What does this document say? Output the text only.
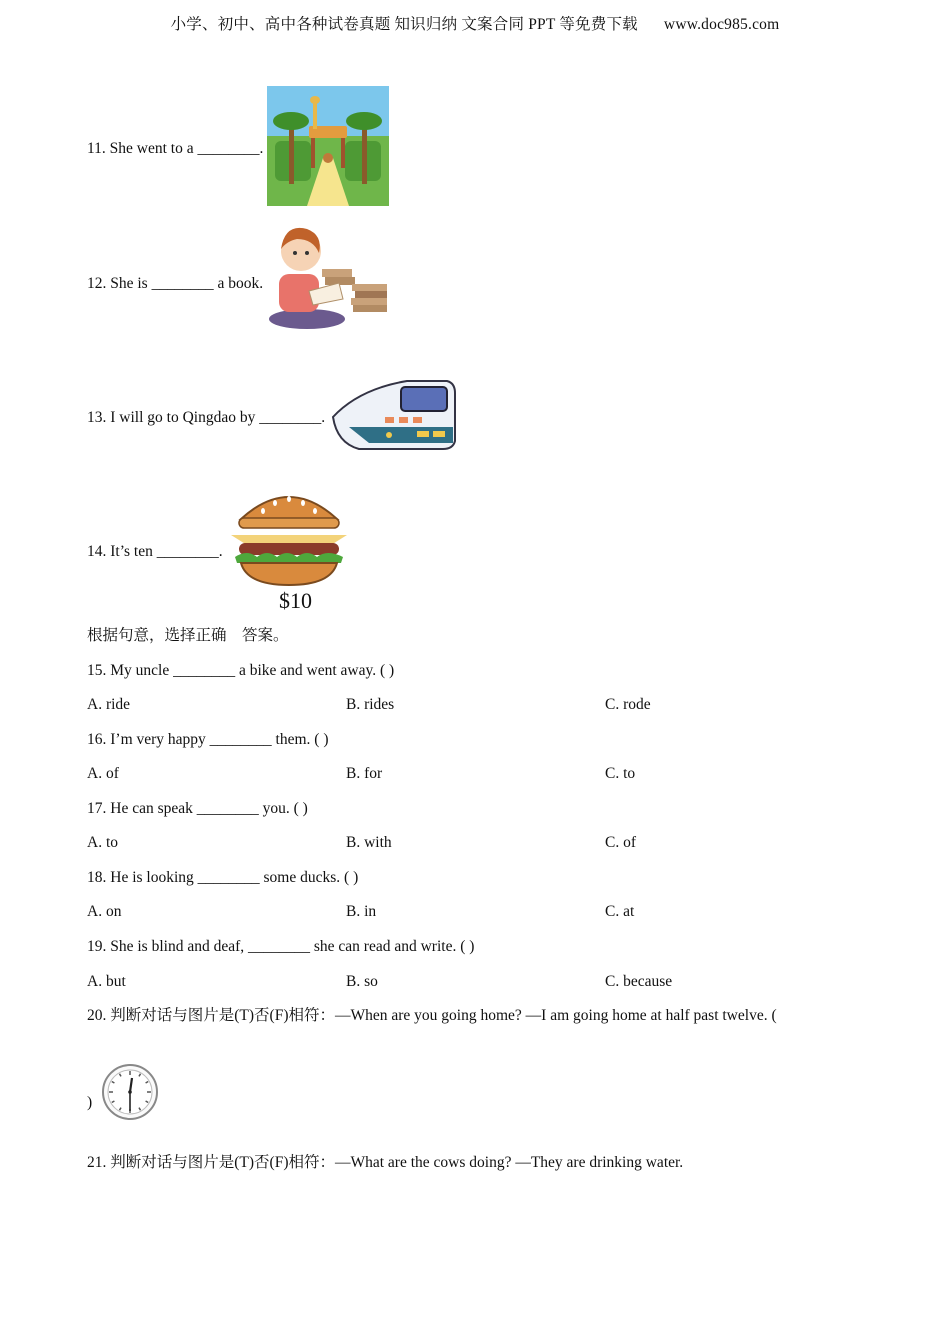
小学、初中、高中各种试卷真题 知识归纳 文案合同 PPT 等免费下载 www.doc985.com
11. She went to a ________.
12. She is ________ a book.
13. I will go to Qingdao by ________.
14. It’s ten ________.
$10
根据句意，选择正确　答案。
15. My uncle ________ a bike and went away. ( )
A. ride	B. rides	C. rode
16. I’m very happy ________ them. ( )
A. of	B. for	C. to
17. He can speak ________ you. ( )
A. to	B. with	C. of
18. He is looking ________ some ducks. ( )
A. on	B. in	C. at
19. She is blind and deaf, ________ she can read and write. ( )
A. but	B. so	C. because
20. 判断对话与图片是(T)否(F)相符：—When are you going home? —I am going home at half past twelve. (
)
21. 判断对话与图片是(T)否(F)相符：—What are the cows doing? —They are drinking water.
